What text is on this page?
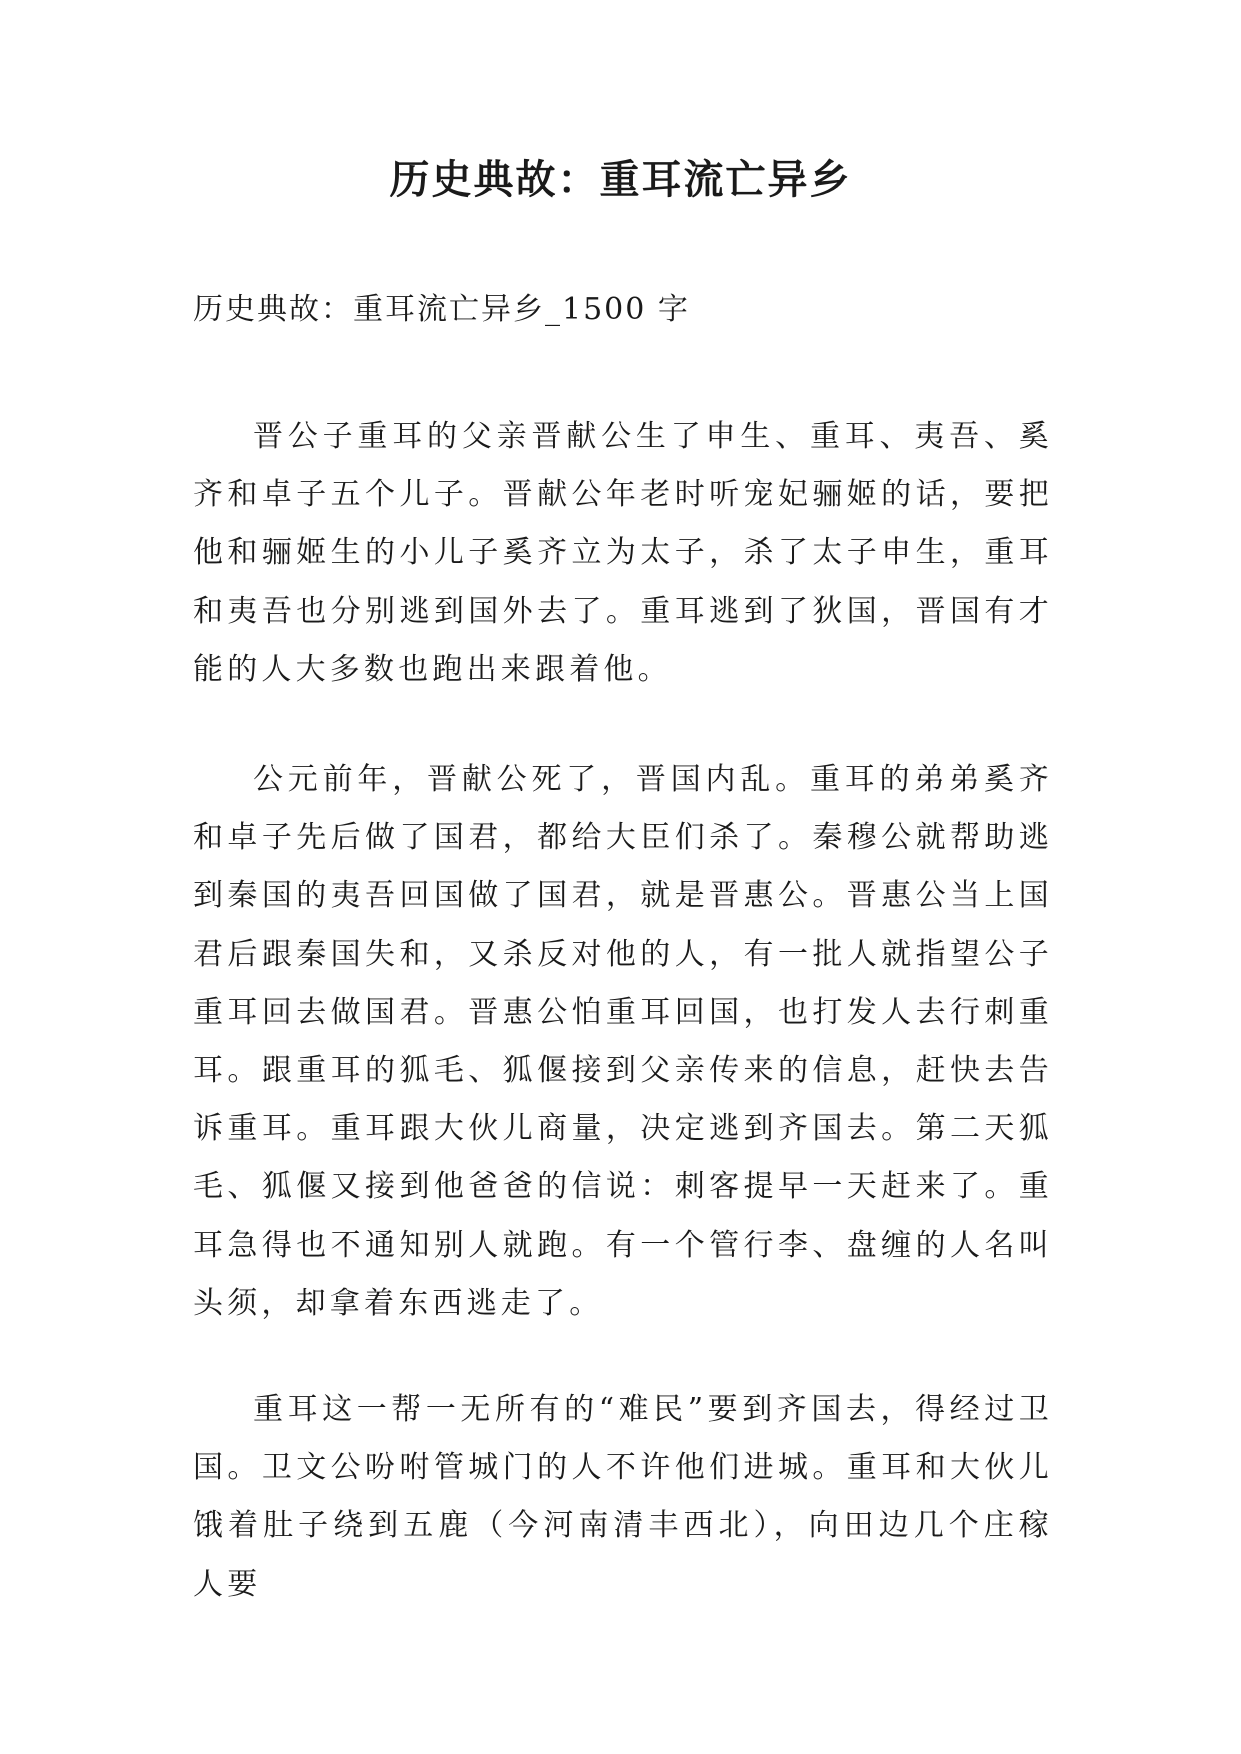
历史典故：重耳流亡异乡
历史典故：重耳流亡异乡_1500 字

晋公子重耳的父亲晋献公生了申生、重耳、夷吾、奚齐和卓子五个儿子。晋献公年老时听宠妃骊姬的话，要把他和骊姬生的小儿子奚齐立为太子，杀了太子申生，重耳和夷吾也分别逃到国外去了。重耳逃到了狄国，晋国有才能的人大多数也跑出来跟着他。

公元前年，晋献公死了，晋国内乱。重耳的弟弟奚齐和卓子先后做了国君，都给大臣们杀了。秦穆公就帮助逃到秦国的夷吾回国做了国君，就是晋惠公。晋惠公当上国君后跟秦国失和，又杀反对他的人，有一批人就指望公子重耳回去做国君。晋惠公怕重耳回国，也打发人去行刺重耳。跟重耳的狐毛、狐偃接到父亲传来的信息，赶快去告诉重耳。重耳跟大伙儿商量，决定逃到齐国去。第二天狐毛、狐偃又接到他爸爸的信说：刺客提早一天赶来了。重耳急得也不通知别人就跑。有一个管行李、盘缠的人名叫头须，却拿着东西逃走了。

重耳这一帮一无所有的“难民”要到齐国去，得经过卫国。卫文公吩咐管城门的人不许他们进城。重耳和大伙儿饿着肚子绕到五鹿（今河南清丰西北），向田边几个庄稼人要
